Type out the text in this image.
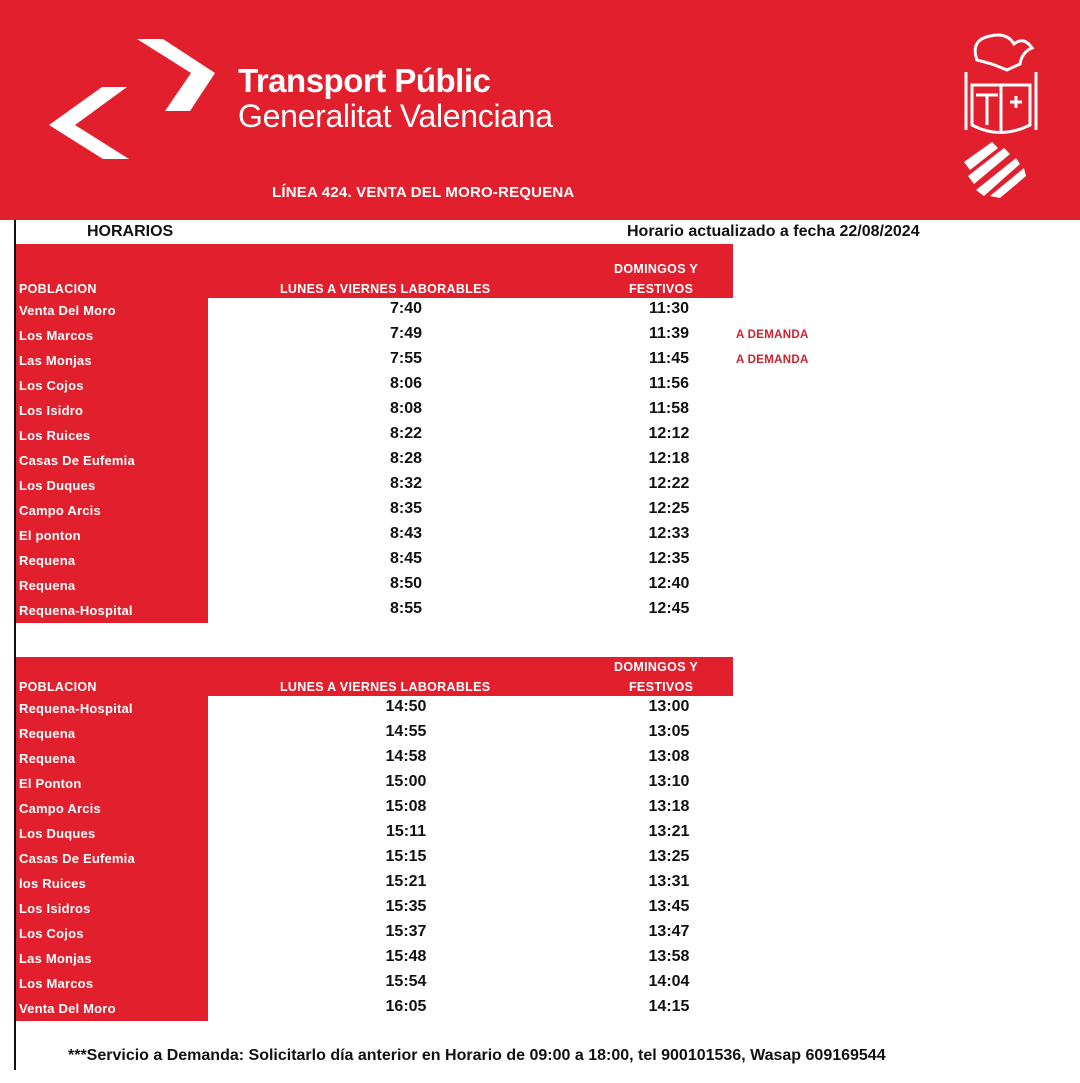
Transport Públic
Generalitat Valenciana
LÍNEA 424. VENTA DEL MORO-REQUENA
HORARIOS	Horario actualizado a fecha 22/08/2024
POBLACION	LUNES A VIERNES LABORABLES
DOMINGOS Y
FESTIVOS
Venta Del Moro	7:40	11:30
Los Marcos	7:49	11:39	A DEMANDA
Las Monjas	7:55	11:45	A DEMANDA
Los Cojos	8:06	11:56
Los Isidro	8:08	11:58
Los Ruices	8:22	12:12
Casas De Eufemia	8:28	12:18
Los Duques	8:32	12:22
Campo Arcis	8:35	12:25
El ponton	8:43	12:33
Requena	8:45	12:35
Requena	8:50	12:40
Requena-Hospital	8:55	12:45
POBLACION	LUNES A VIERNES LABORABLES
DOMINGOS Y
FESTIVOS
Requena-Hospital	14:50	13:00
Requena	14:55	13:05
Requena	14:58	13:08
El Ponton	15:00	13:10
Campo Arcis	15:08	13:18
Los Duques	15:11	13:21
Casas De Eufemia	15:15	13:25
los Ruices	15:21	13:31
Los Isidros	15:35	13:45
Los Cojos	15:37	13:47
Las Monjas	15:48	13:58
Los Marcos	15:54	14:04
Venta Del Moro	16:05	14:15
***Servicio a Demanda: Solicitarlo día anterior en Horario de 09:00 a 18:00, tel 900101536, Wasap 609169544
